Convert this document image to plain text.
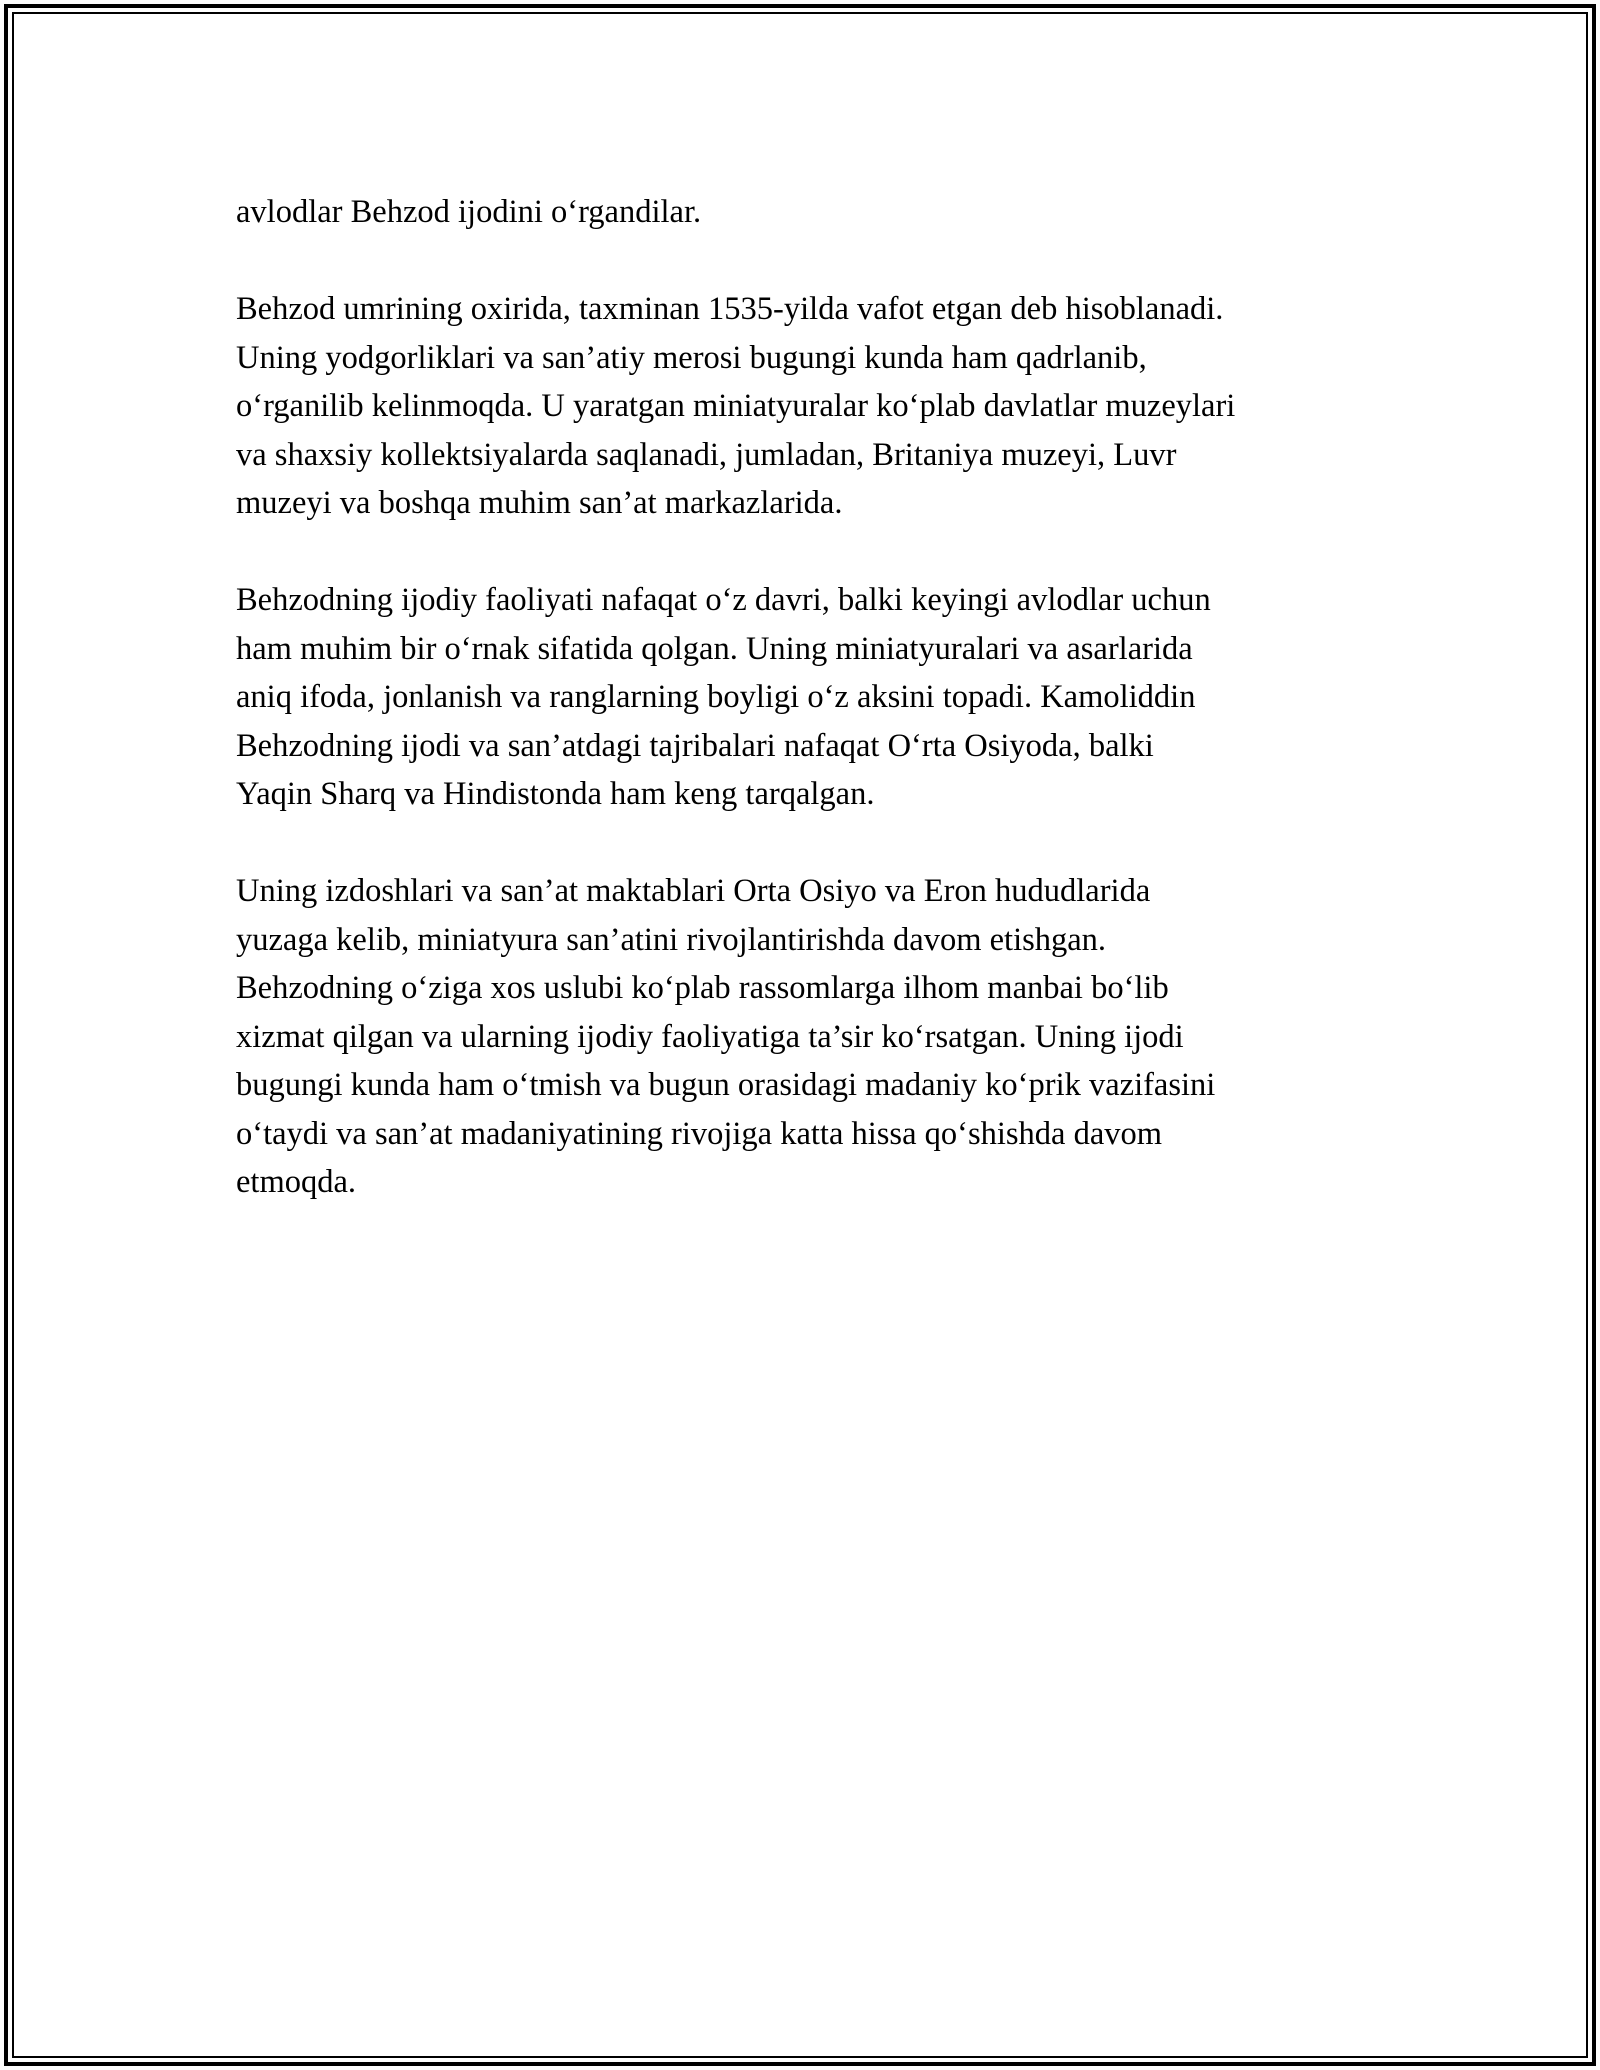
avlodlar Behzod ijodini o‘rgandilar.

Behzod umrining oxirida, taxminan 1535-yilda vafot etgan deb hisoblanadi.
Uning yodgorliklari va san’atiy merosi bugungi kunda ham qadrlanib,
o‘rganilib kelinmoqda. U yaratgan miniatyuralar ko‘plab davlatlar muzeylari
va shaxsiy kollektsiyalarda saqlanadi, jumladan, Britaniya muzeyi, Luvr
muzeyi va boshqa muhim san’at markazlarida.

Behzodning ijodiy faoliyati nafaqat o‘z davri, balki keyingi avlodlar uchun
ham muhim bir o‘rnak sifatida qolgan. Uning miniatyuralari va asarlarida
aniq ifoda, jonlanish va ranglarning boyligi o‘z aksini topadi. Kamoliddin
Behzodning ijodi va san’atdagi tajribalari nafaqat O‘rta Osiyoda, balki
Yaqin Sharq va Hindistonda ham keng tarqalgan.

Uning izdoshlari va san’at maktablari Orta Osiyo va Eron hududlarida
yuzaga kelib, miniatyura san’atini rivojlantirishda davom etishgan.
Behzodning o‘ziga xos uslubi ko‘plab rassomlarga ilhom manbai bo‘lib
xizmat qilgan va ularning ijodiy faoliyatiga ta’sir ko‘rsatgan. Uning ijodi
bugungi kunda ham o‘tmish va bugun orasidagi madaniy ko‘prik vazifasini
o‘taydi va san’at madaniyatining rivojiga katta hissa qo‘shishda davom
etmoqda.
